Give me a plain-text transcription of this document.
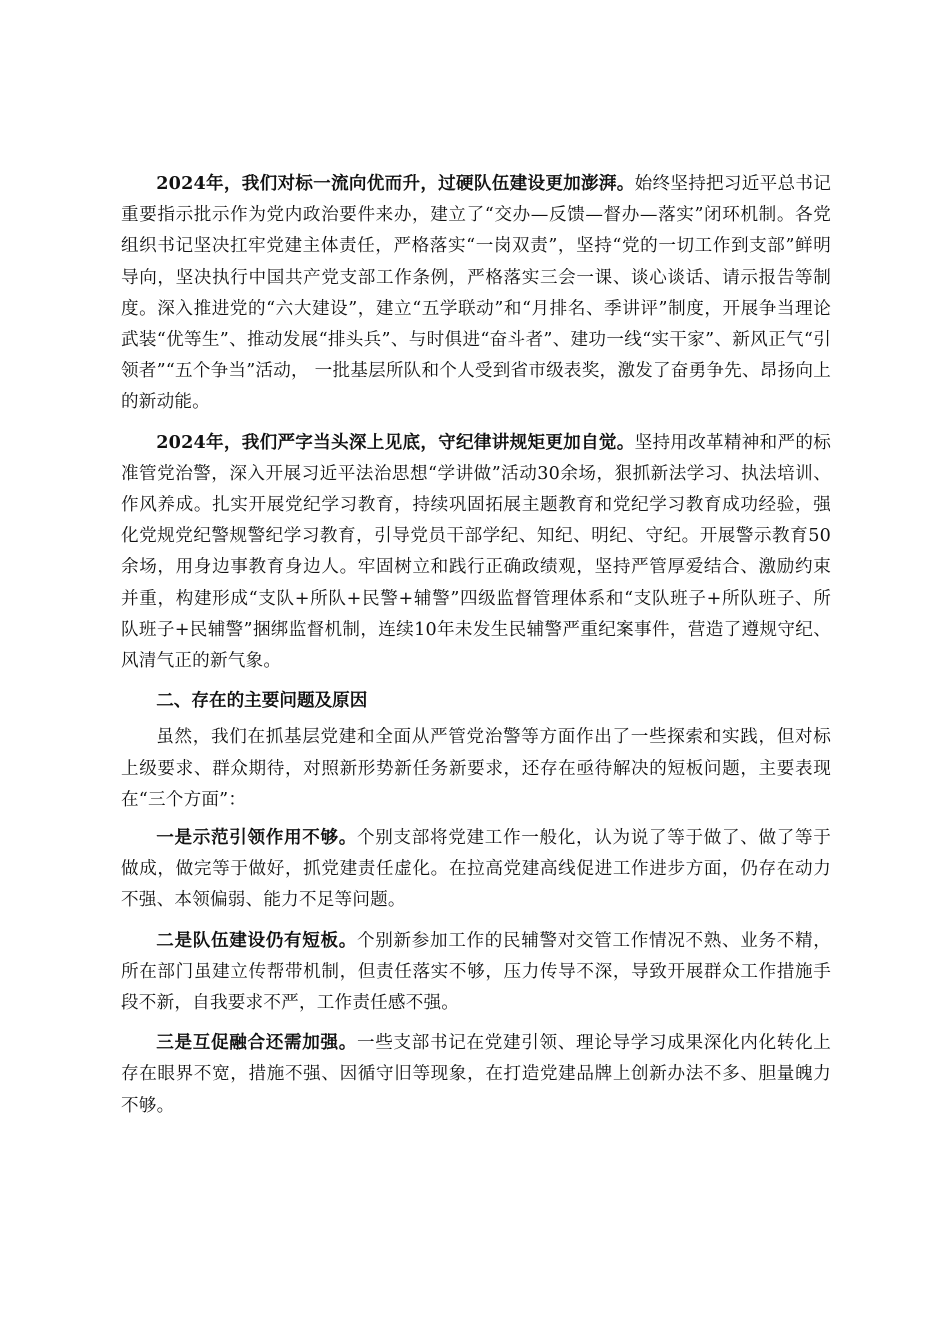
2024年，我们对标一流向优而升，过硬队伍建设更加澎湃。始终坚持把习近平总书记重要指示批示作为党内政治要件来办，建立了“交办—反馈—督办—落实”闭环机制。各党组织书记坚决扛牢党建主体责任，严格落实“一岗双责”，坚持“党的一切工作到支部”鲜明导向，坚决执行中国共产党支部工作条例，严格落实三会一课、谈心谈话、请示报告等制度。深入推进党的“六大建设”，建立“五学联动”和“月排名、季讲评”制度，开展争当理论武装“优等生”、推动发展“排头兵”、与时俱进“奋斗者”、建功一线“实干家”、新风正气“引领者”“五个争当”活动， 一批基层所队和个人受到省市级表奖，激发了奋勇争先、昂扬向上的新动能。

2024年，我们严字当头深上见底，守纪律讲规矩更加自觉。坚持用改革精神和严的标准管党治警，深入开展习近平法治思想“学讲做”活动30余场，狠抓新法学习、执法培训、作风养成。扎实开展党纪学习教育，持续巩固拓展主题教育和党纪学习教育成功经验，强化党规党纪警规警纪学习教育，引导党员干部学纪、知纪、明纪、守纪。开展警示教育50余场，用身边事教育身边人。牢固树立和践行正确政绩观，坚持严管厚爱结合、激励约束并重，构建形成“支队+所队+民警+辅警”四级监督管理体系和“支队班子+所队班子、所队班子+民辅警”捆绑监督机制，连续10年未发生民辅警严重纪案事件，营造了遵规守纪、风清气正的新气象。

二、存在的主要问题及原因

虽然，我们在抓基层党建和全面从严管党治警等方面作出了一些探索和实践，但对标上级要求、群众期待，对照新形势新任务新要求，还存在亟待解决的短板问题，主要表现在“三个方面”：

一是示范引领作用不够。个别支部将党建工作一般化，认为说了等于做了、做了等于做成，做完等于做好，抓党建责任虚化。在拉高党建高线促进工作进步方面，仍存在动力不强、本领偏弱、能力不足等问题。

二是队伍建设仍有短板。个别新参加工作的民辅警对交管工作情况不熟、业务不精，所在部门虽建立传帮带机制，但责任落实不够，压力传导不深，导致开展群众工作措施手段不新，自我要求不严，工作责任感不强。

三是互促融合还需加强。一些支部书记在党建引领、理论导学习成果深化内化转化上存在眼界不宽，措施不强、因循守旧等现象，在打造党建品牌上创新办法不多、胆量魄力不够。
